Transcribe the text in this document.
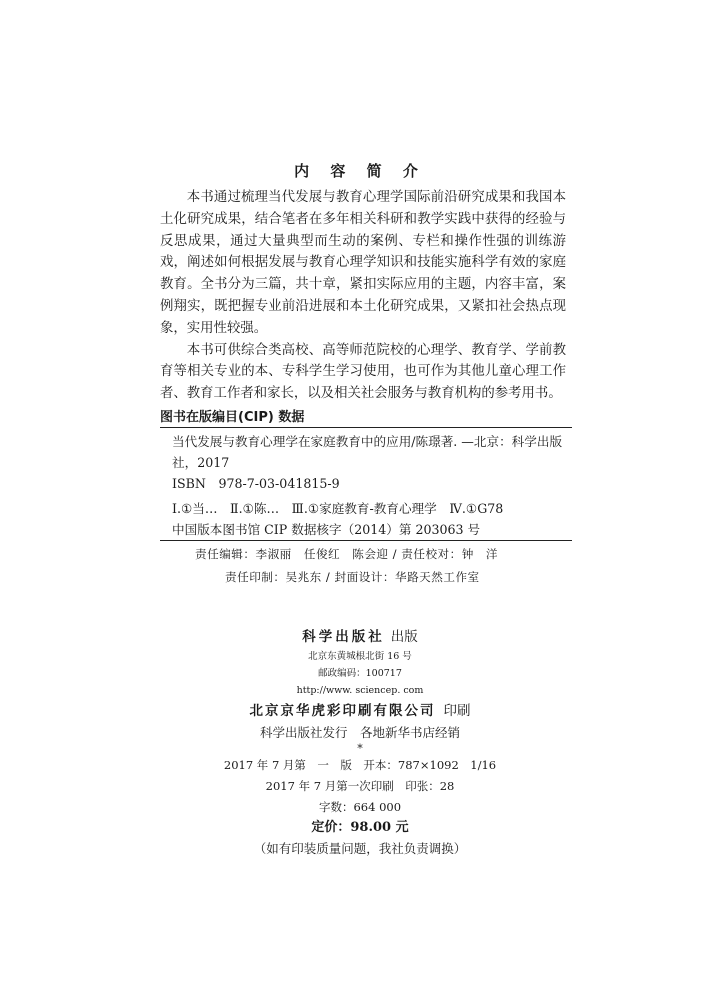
内 容 简 介

本书通过梳理当代发展与教育心理学国际前沿研究成果和我国本土化研究成果，结合笔者在多年相关科研和教学实践中获得的经验与反思成果，通过大量典型而生动的案例、专栏和操作性强的训练游戏，阐述如何根据发展与教育心理学知识和技能实施科学有效的家庭教育。全书分为三篇，共十章，紧扣实际应用的主题，内容丰富，案例翔实，既把握专业前沿进展和本土化研究成果，又紧扣社会热点现象，实用性较强。

本书可供综合类高校、高等师范院校的心理学、教育学、学前教育等相关专业的本、专科学生学习使用，也可作为其他儿童心理工作者、教育工作者和家长，以及相关社会服务与教育机构的参考用书。

图书在版编目(CIP) 数据
当代发展与教育心理学在家庭教育中的应用/陈璟著. —北京：科学出版社，2017
ISBN　978-7-03-041815-9
Ⅰ.①当…　Ⅱ.①陈…　Ⅲ.①家庭教育-教育心理学　Ⅳ.①G78
中国版本图书馆 CIP 数据核字（2014）第 203063 号
责任编辑：李淑丽　任俊红　陈会迎 / 责任校对：钟　洋
责任印制：吴兆东 / 封面设计：华路天然工作室
科学出版社 出版
北京东黄城根北街 16 号
邮政编码：100717
http://www. sciencep. com
北京京华虎彩印刷有限公司 印刷
科学出版社发行　各地新华书店经销
*
2017 年 7 月第　一　版　开本：787×1092　1/16
2017 年 7 月第一次印刷　印张：28
字数：664 000
定价：98.00 元
（如有印装质量问题，我社负责调换）
